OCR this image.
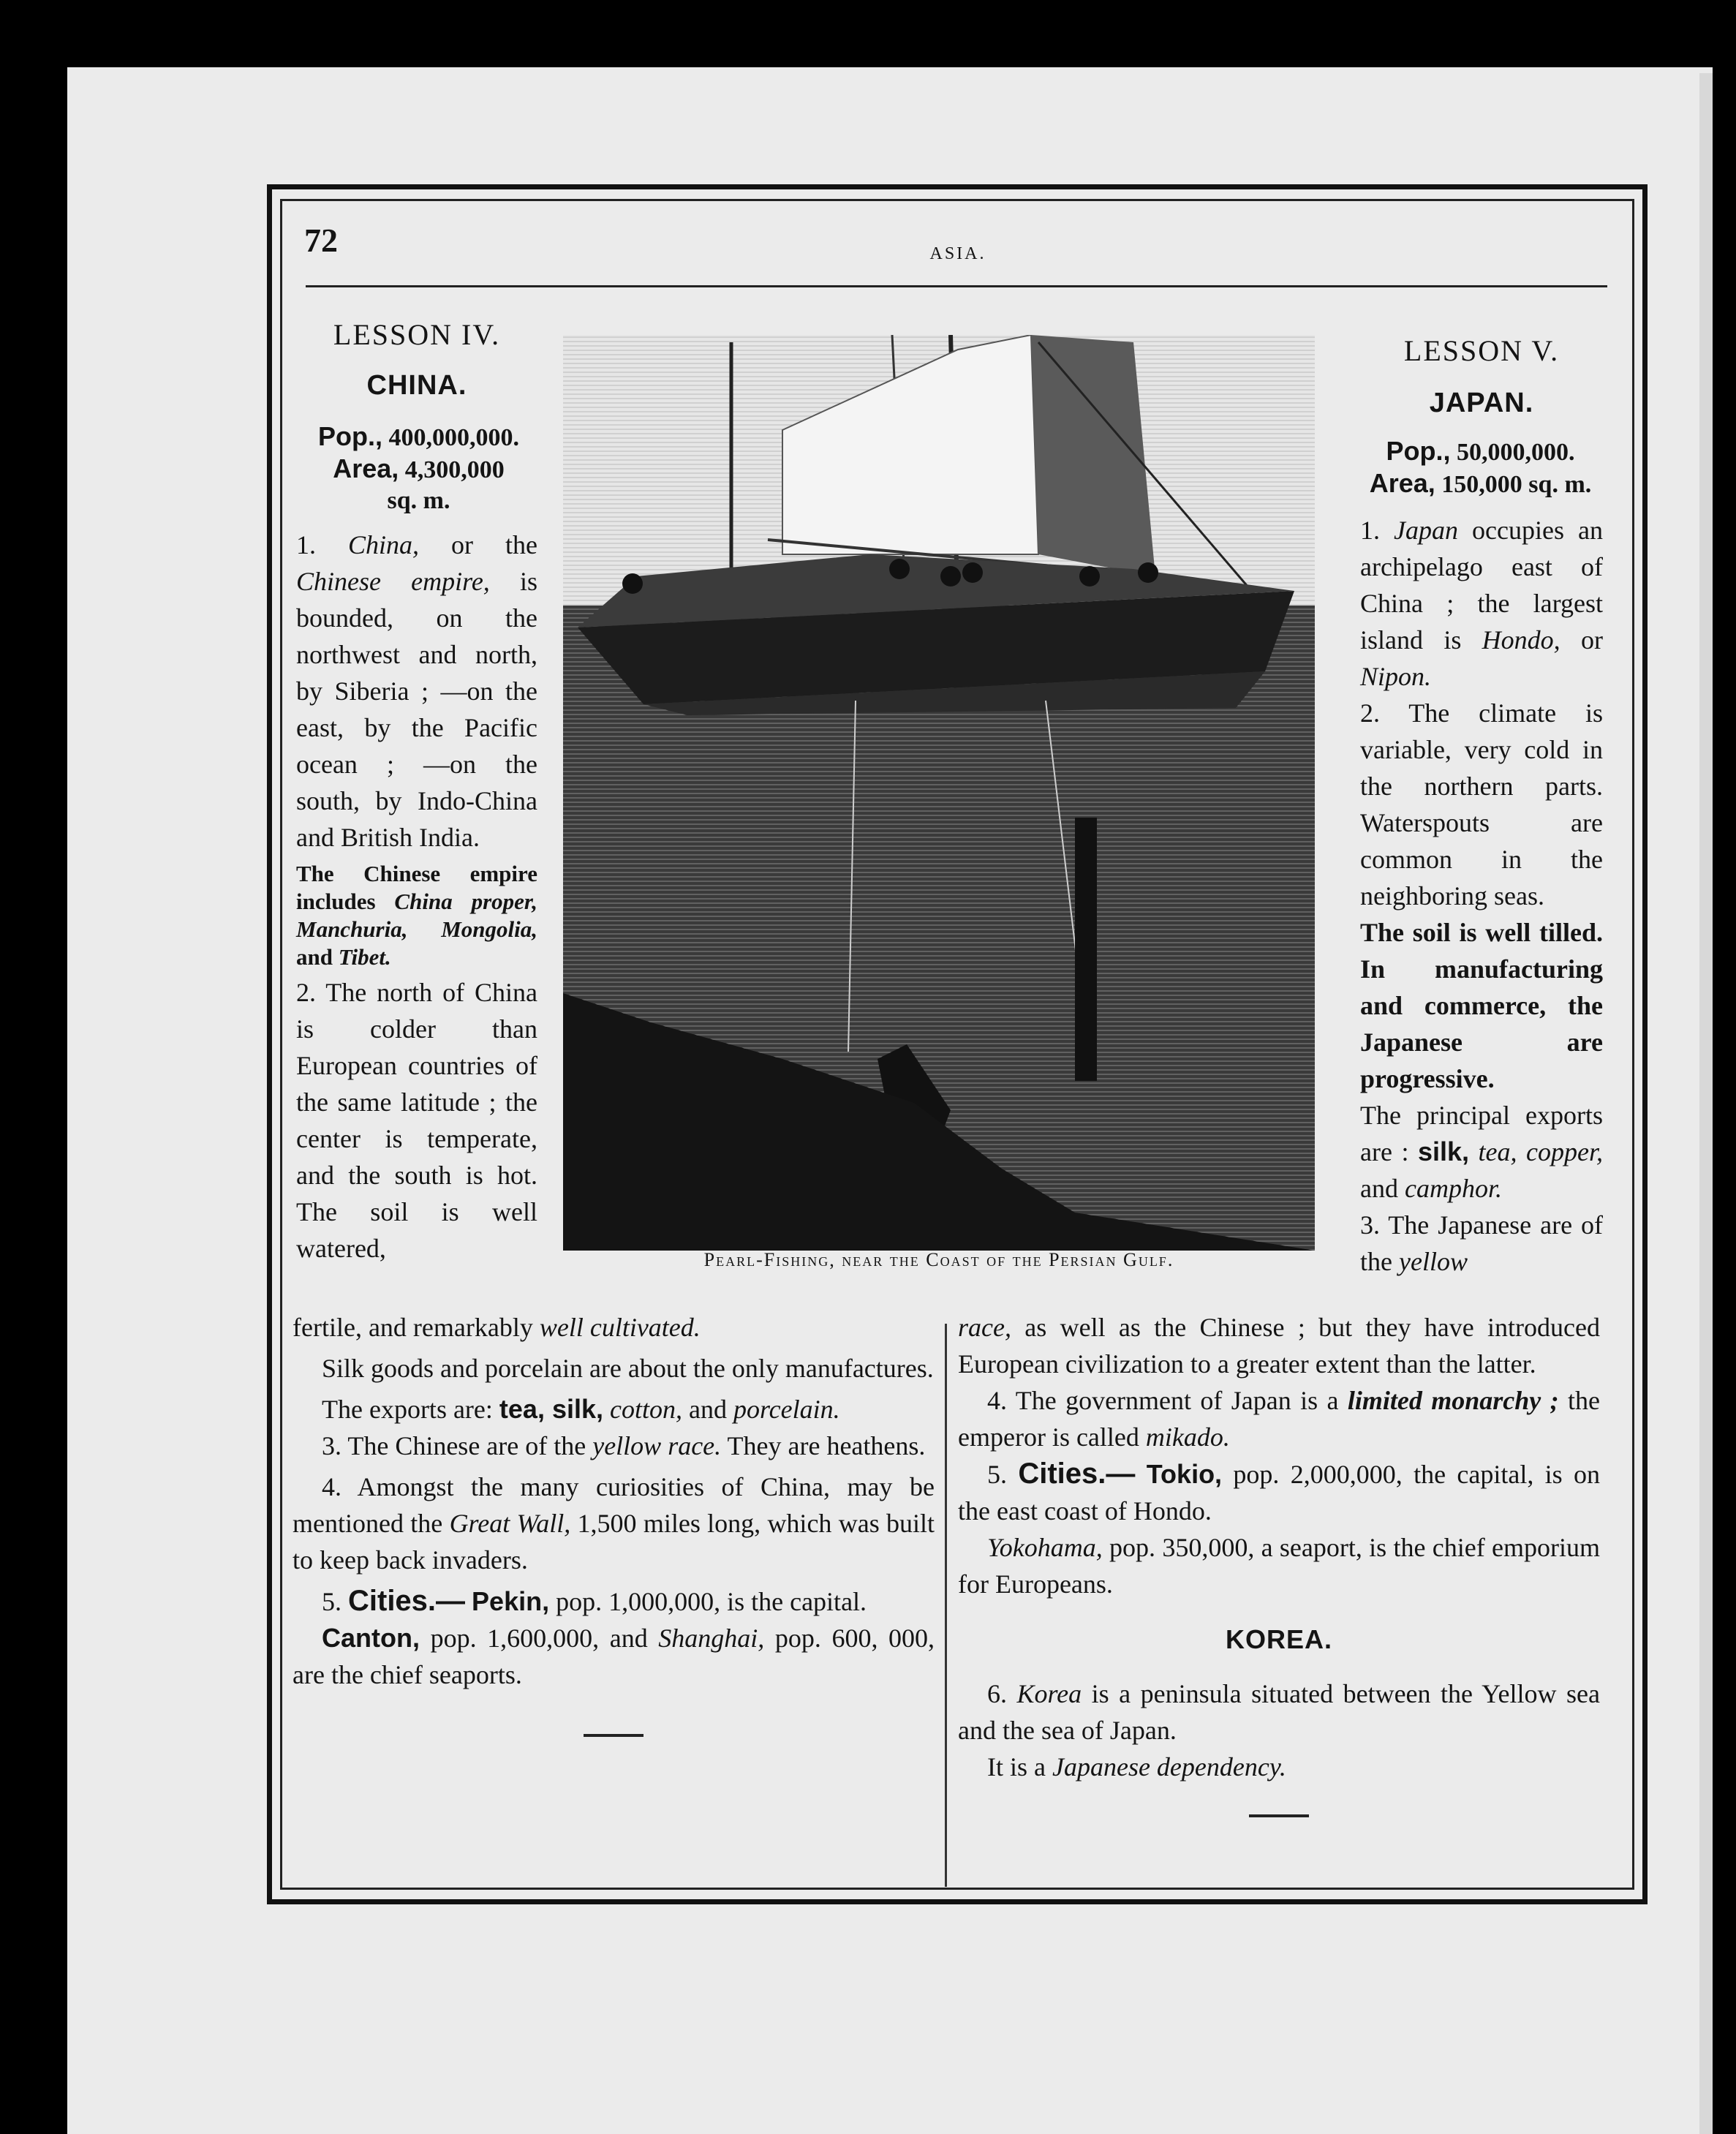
72	ASIA.
LESSON IV.
CHINA.
Pop., 400,000,000.
Area, 4,300,000
sq. m.

1. China, or the Chinese empire, is bounded, on the northwest and north, by Siberia ; —on the east, by the Pacific ocean ; —on the south, by Indo-China and British India.

The Chinese empire includes China proper, Manchuria, Mongolia, and Tibet.

2. The north of China is colder than European countries of the same latitude ; the center is temperate, and the south is hot. The soil is well watered,	Pearl-Fishing, near the Coast of the Persian Gulf.
LESSON V.
JAPAN.
Pop., 50,000,000.
Area, 150,000 sq. m.

1. Japan occupies an archipelago east of China ; the largest island is Hondo, or Nipon.

2. The climate is variable, very cold in the northern parts. Waterspouts are common in the neighboring seas.

The soil is well tilled. In manufacturing and commerce, the Japanese are progressive.

The principal exports are : silk, tea, copper, and camphor.

3. The Japanese are of the yellow

fertile, and remarkably well cultivated.

Silk goods and porcelain are about the only manufactures.

The exports are: tea, silk, cotton, and porcelain.

3. The Chinese are of the yellow race. They are heathens.

4. Amongst the many curiosities of China, may be mentioned the Great Wall, 1,500 miles long, which was built to keep back invaders.

5. Cities.— Pekin, pop. 1,000,000, is the capital.

Canton, pop. 1,600,000, and Shanghai, pop. 600, 000, are the chief seaports.

race, as well as the Chinese ; but they have introduced European civilization to a greater extent than the latter.

4. The government of Japan is a limited monarchy ; the emperor is called mikado.

5. Cities.— Tokio, pop. 2,000,000, the capital, is on the east coast of Hondo.

Yokohama, pop. 350,000, a seaport, is the chief emporium for Europeans.

KOREA.

6. Korea is a peninsula situated between the Yellow sea and the sea of Japan.

It is a Japanese dependency.
